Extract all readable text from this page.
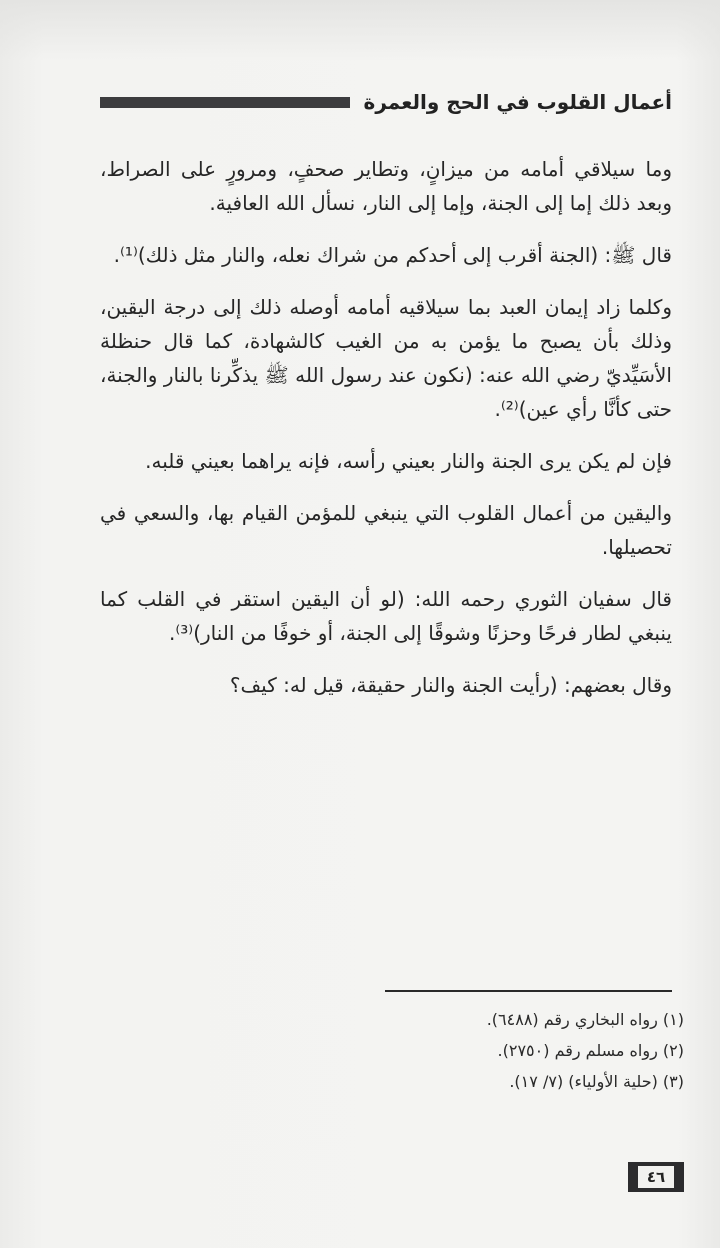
أعمال القلوب في الحج والعمرة

وما سيلاقي أمامه من ميزانٍ، وتطاير صحفٍ، ومرورٍ على الصراط، وبعد ذلك إما إلى الجنة، وإما إلى النار، نسأل الله العافية.

قال ﷺ: (الجنة أقرب إلى أحدكم من شراك نعله، والنار مثل ذلك)⁽¹⁾.

وكلما زاد إيمان العبد بما سيلاقيه أمامه أوصله ذلك إلى درجة اليقين، وذلك بأن يصبح ما يؤمن به من الغيب كالشهادة، كما قال حنظلة الأسَيِّديّ رضي الله عنه: (نكون عند رسول الله ﷺ يذكِّرنا بالنار والجنة، حتى كأنَّا رأي عين)⁽²⁾.

فإن لم يكن يرى الجنة والنار بعيني رأسه، فإنه يراهما بعيني قلبه.

واليقين من أعمال القلوب التي ينبغي للمؤمن القيام بها، والسعي في تحصيلها.

قال سفيان الثوري رحمه الله: (لو أن اليقين استقر في القلب كما ينبغي لطار فرحًا وحزنًا وشوقًا إلى الجنة، أو خوفًا من النار)⁽³⁾.

وقال بعضهم: (رأيت الجنة والنار حقيقة، قيل له: كيف؟

(١) رواه البخاري رقم (٦٤٨٨).

(٢) رواه مسلم رقم (٢٧٥٠).

(٣) (حلية الأولياء) (٧/ ١٧).

٤٦
